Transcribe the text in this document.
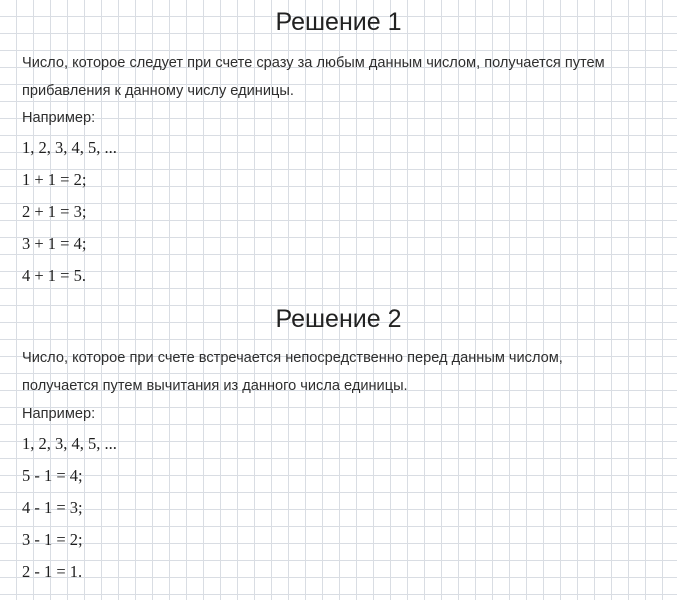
Решение 1

Число, которое следует при счете сразу за любым данным числом, получается путем

прибавления к данному числу единицы.

Например:

1, 2, 3, 4, 5, ...

1 + 1 = 2;

2 + 1 = 3;

3 + 1 = 4;

4 + 1 = 5.

Решение 2

Число, которое при счете встречается непосредственно перед данным числом,

получается путем вычитания из данного числа единицы.

Например:

1, 2, 3, 4, 5, ...

5 - 1 = 4;

4 - 1 = 3;

3 - 1 = 2;

2 - 1 = 1.
